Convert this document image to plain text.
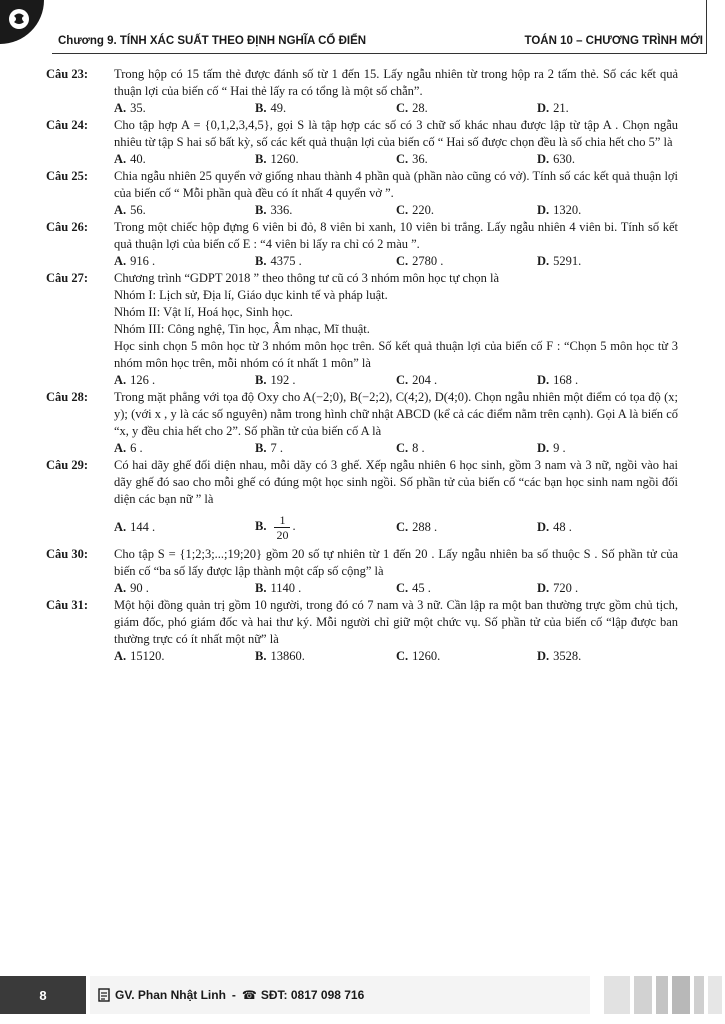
Chương 9. TÍNH XÁC SUẤT THEO ĐỊNH NGHĨA CỔ ĐIỂN	TOÁN 10 – CHƯƠNG TRÌNH MỚI
Câu 23:	Trong hộp có 15 tấm thẻ được đánh số từ 1 đến 15. Lấy ngẫu nhiên từ trong hộp ra 2 tấm thẻ. Số các kết quả thuận lợi của biến cố “ Hai thẻ lấy ra có tổng là một số chẵn”.

A. 35.	B. 49.	C. 28.	D. 21.
Câu 24:	Cho tập hợp A = {0,1,2,3,4,5}, gọi S là tập hợp các số có 3 chữ số khác nhau được lập từ tập A . Chọn ngẫu nhiêu từ tập S hai số bất kỳ, số các kết quả thuận lợi của biến cố “ Hai số được chọn đều là số chia hết cho 5” là

A. 40.	B. 1260.	C. 36.	D. 630.
Câu 25:	Chia ngẫu nhiên 25 quyển vở giống nhau thành 4 phần quà (phần nào cũng có vở). Tính số các kết quả thuận lợi của biến cố “ Mỗi phần quà đều có ít nhất 4 quyển vở ”.

A. 56.	B. 336.	C. 220.	D. 1320.
Câu 26:	Trong một chiếc hộp đựng 6 viên bi đỏ, 8 viên bi xanh, 10 viên bi trắng. Lấy ngẫu nhiên 4 viên bi. Tính số kết quả thuận lợi của biến cố E : “4 viên bi lấy ra chỉ có 2 màu ”.

A. 916 .	B. 4375 .	C. 2780 .	D. 5291.
Câu 27:	Chương trình “GDPT 2018 ” theo thông tư cũ có 3 nhóm môn học tự chọn là

Nhóm I: Lịch sử, Địa lí, Giáo dục kinh tế và pháp luật.

Nhóm II: Vật lí, Hoá học, Sinh học.

Nhóm III: Công nghệ, Tin học, Âm nhạc, Mĩ thuật.

Học sinh chọn 5 môn học từ 3 nhóm môn học trên. Số kết quả thuận lợi của biến cố F : “Chọn 5 môn học từ 3 nhóm môn học trên, mỗi nhóm có ít nhất 1 môn” là

A. 126 .	B. 192 .	C. 204 .	D. 168 .
Câu 28:	Trong mặt phẳng với tọa độ Oxy cho A(−2;0), B(−2;2), C(4;2), D(4;0). Chọn ngẫu nhiên một điểm có tọa độ (x; y); (với x , y là các số nguyên) nằm trong hình chữ nhật ABCD (kể cả các điểm nằm trên cạnh). Gọi A là biến cố “x, y đều chia hết cho 2”. Số phần tử của biến cố A là

A. 6 .	B. 7 .	C. 8 .	D. 9 .
Câu 29:	Có hai dãy ghế đối diện nhau, mỗi dãy có 3 ghế. Xếp ngẫu nhiên 6 học sinh, gồm 3 nam và 3 nữ, ngồi vào hai dãy ghế đó sao cho mỗi ghế có đúng một học sinh ngồi. Số phần tử của biến cố “các bạn học sinh nam ngồi đối diện các bạn nữ ” là

A. 144 .	B. $\frac{1}{20}$ .	C. 288 .	D. 48 .
Câu 30:	Cho tập S = {1;2;3;...;19;20} gồm 20 số tự nhiên từ 1 đến 20 . Lấy ngẫu nhiên ba số thuộc S . Số phần tử của biến cố “ba số lấy được lập thành một cấp số cộng” là

A. 90 .	B. 1140 .	C. 45 .	D. 720 .
Câu 31:	Một hội đồng quản trị gồm 10 người, trong đó có 7 nam và 3 nữ. Cần lập ra một ban thường trực gồm chủ tịch, giám đốc, phó giám đốc và hai thư ký. Mỗi người chỉ giữ một chức vụ. Số phần tử của biến cố “lập được ban thường trực có ít nhất một nữ” là

A. 15120.	B. 13860.	C. 1260.	D. 3528.
8	GV. Phan Nhật Linh - ☎ SĐT: 0817 098 716
